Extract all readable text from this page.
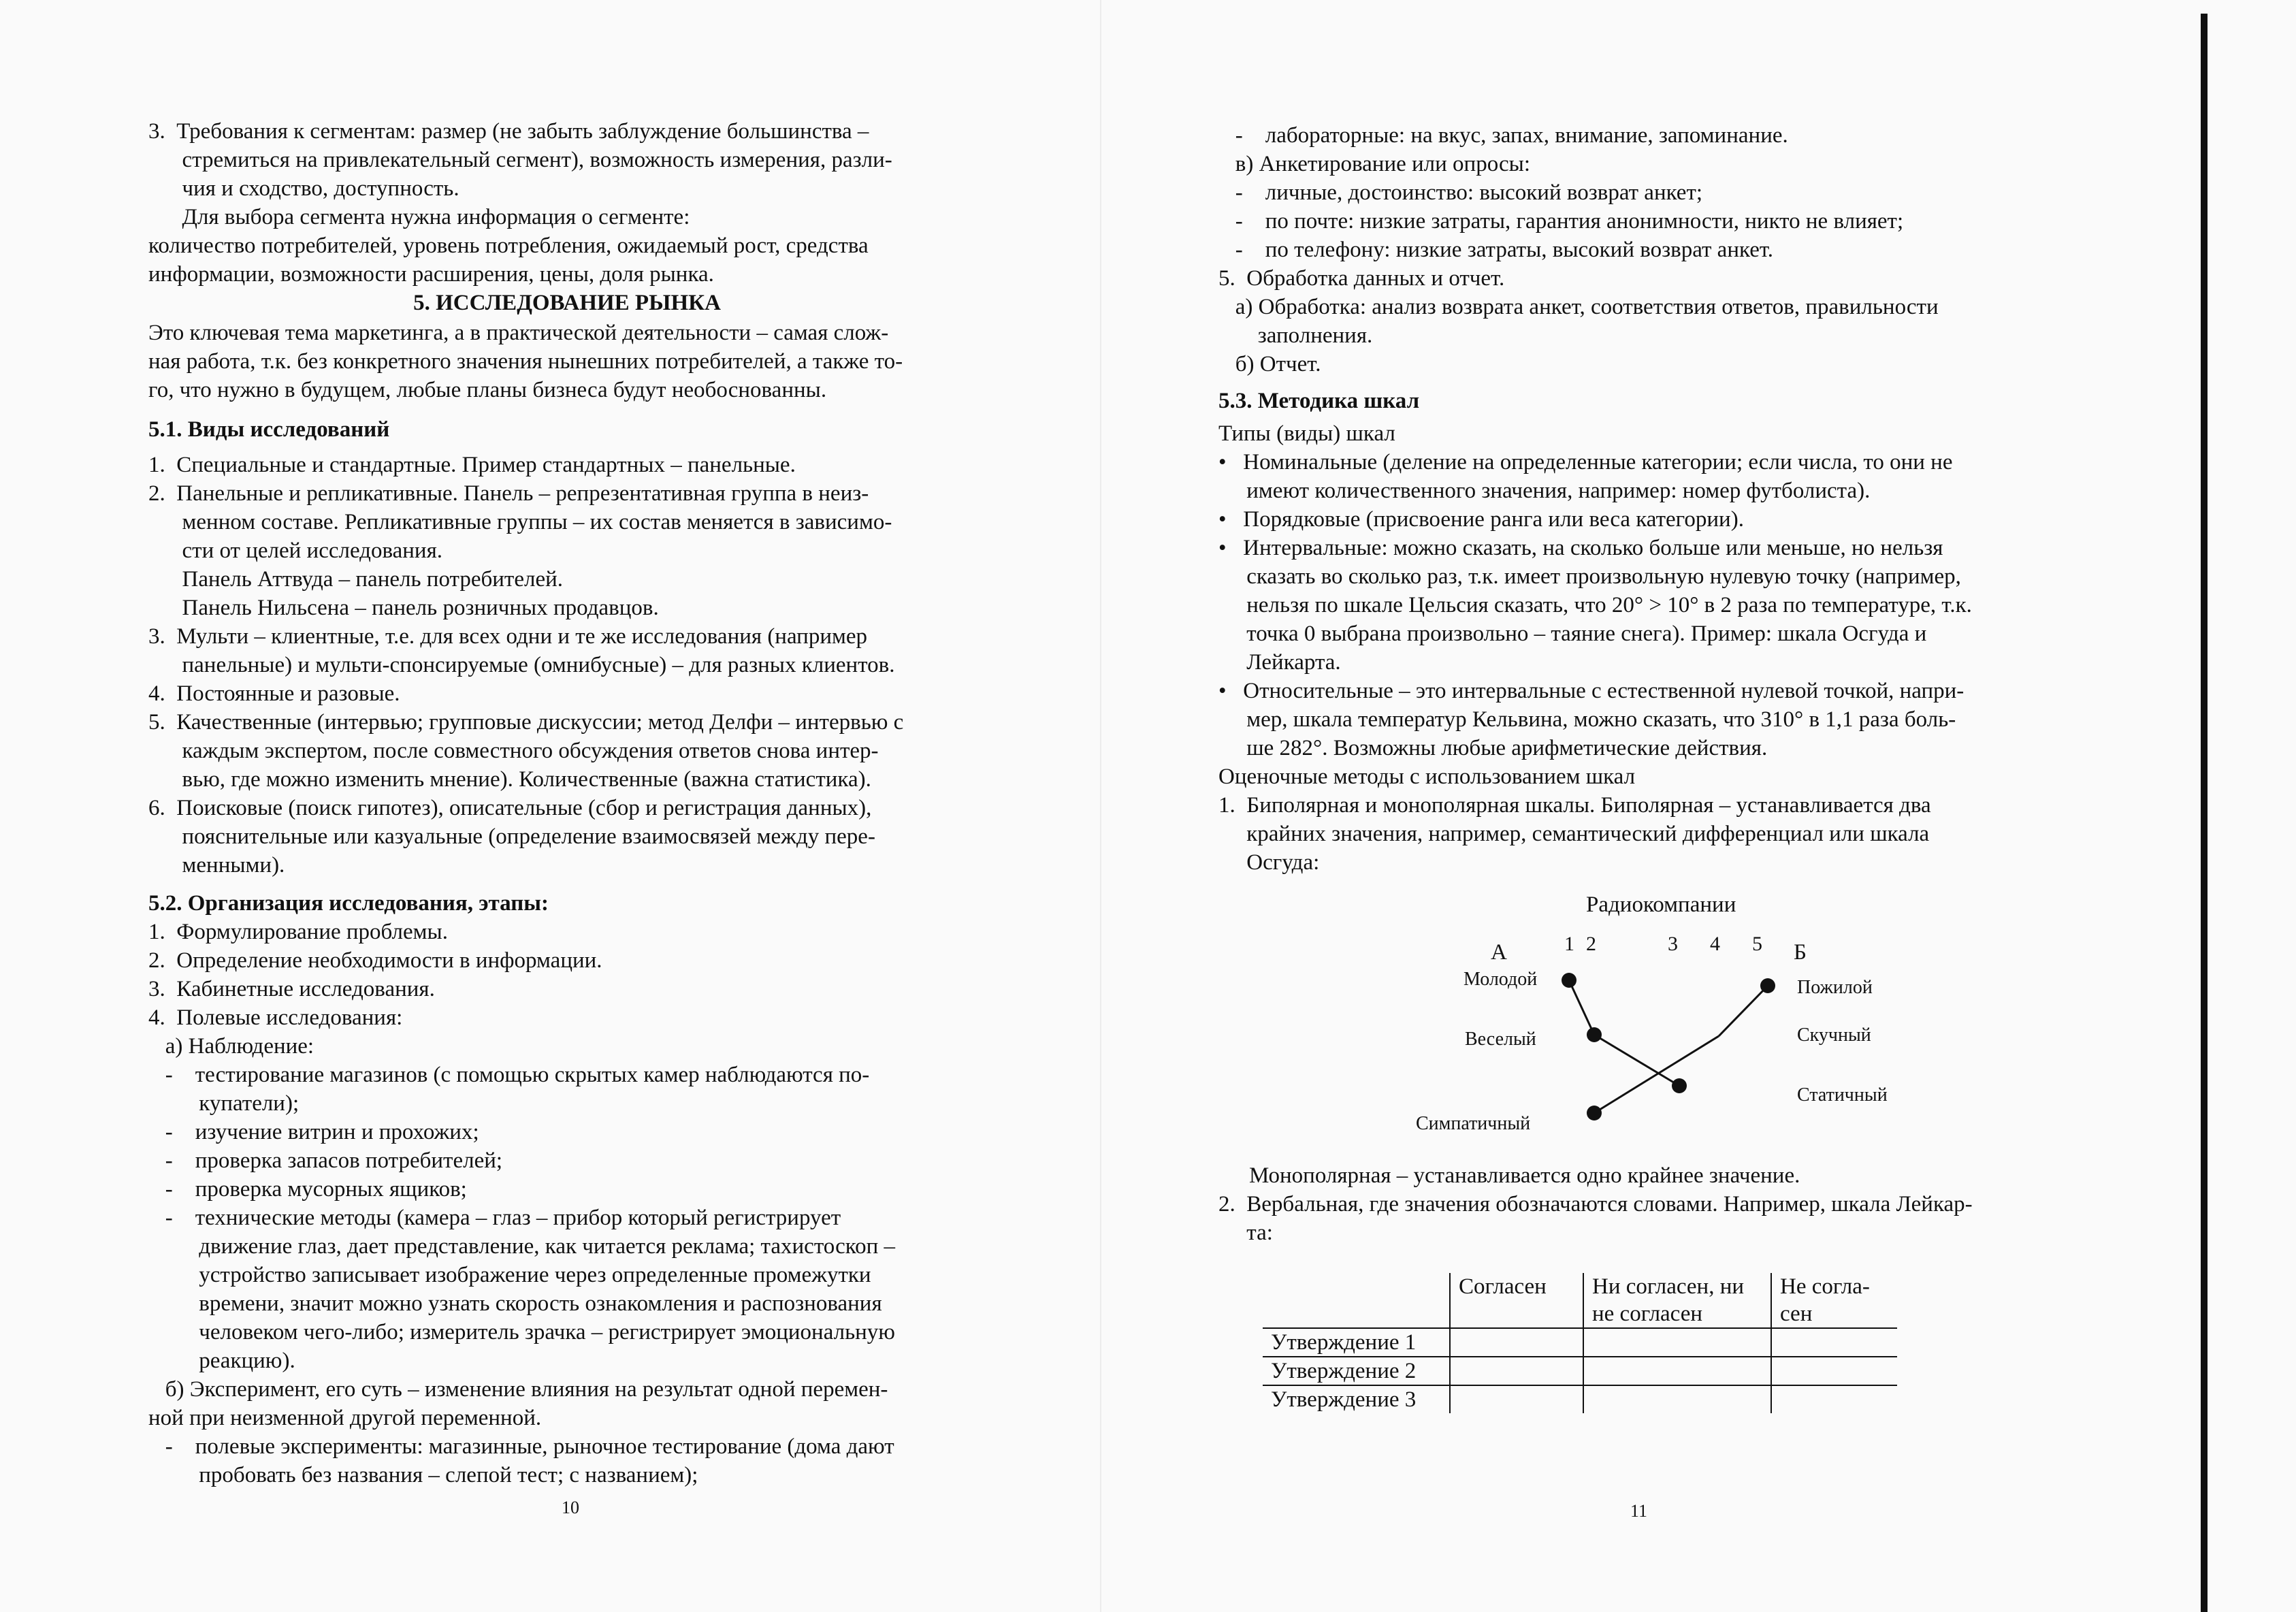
3.  Требования к сегментам: размер (не забыть заблуждение большинства –
стремиться на привлекательный сегмент), возможность измерения, разли-
чия и сходство, доступность.
Для выбора сегмента нужна информация о сегменте:
количество потребителей, уровень потребления, ожидаемый рост, средства
информации, возможности расширения, цены, доля рынка.
5. ИССЛЕДОВАНИЕ РЫНКА
Это ключевая тема маркетинга, а в практической деятельности – самая слож-
ная работа, т.к. без конкретного значения нынешних потребителей, а также то-
го, что нужно в будущем, любые планы бизнеса будут необоснованны.
5.1. Виды исследований
1.  Специальные и стандартные. Пример стандартных – панельные.
2.  Панельные и репликативные. Панель – репрезентативная группа в неиз-
менном составе. Репликативные группы – их состав меняется в зависимо-
сти от целей исследования.
Панель Аттвуда – панель потребителей.
Панель Нильсена – панель розничных продавцов.
3.  Мульти – клиентные, т.е. для всех одни и те же исследования (например
панельные) и мульти-спонсируемые (омнибусные) – для разных клиентов.
4.  Постоянные и разовые.
5.  Качественные (интервью; групповые дискуссии; метод Делфи – интервью с
каждым экспертом, после совместного обсуждения ответов снова интер-
вью, где можно изменить мнение). Количественные (важна статистика).
6.  Поисковые (поиск гипотез), описательные (сбор и регистрация данных),
пояснительные или казуальные (определение взаимосвязей между пере-
менными).
5.2. Организация исследования, этапы:
1.  Формулирование проблемы.
2.  Определение необходимости в информации.
3.  Кабинетные исследования.
4.  Полевые исследования:
а) Наблюдение:
-    тестирование магазинов (с помощью скрытых камер наблюдаются по-
купатели);
-    изучение витрин и прохожих;
-    проверка запасов потребителей;
-    проверка мусорных ящиков;
-    технические методы (камера – глаз – прибор который регистрирует
движение глаз, дает представление, как читается реклама; тахистоскоп –
устройство записывает изображение через определенные промежутки
времени, значит можно узнать скорость ознакомления и распознования
человеком чего-либо; измеритель зрачка – регистрирует эмоциональную
реакцию).
б) Эксперимент, его суть – изменение влияния на результат одной перемен-
ной при неизменной другой переменной.
-    полевые эксперименты: магазинные, рыночное тестирование (дома дают
пробовать без названия – слепой тест; с названием);
10
-    лабораторные: на вкус, запах, внимание, запоминание.
в) Анкетирование или опросы:
-    личные, достоинство: высокий возврат анкет;
-    по почте: низкие затраты, гарантия анонимности, никто не влияет;
-    по телефону: низкие затраты, высокий возврат анкет.
5.  Обработка данных и отчет.
а) Обработка: анализ возврата анкет, соответствия ответов, правильности
заполнения.
б) Отчет.
5.3. Методика шкал
Типы (виды) шкал
•   Номинальные (деление на определенные категории; если числа, то они не
имеют количественного значения, например: номер футболиста).
•   Порядковые (присвоение ранга или веса категории).
•   Интервальные: можно сказать, на сколько больше или меньше, но нельзя
сказать во сколько раз, т.к. имеет произвольную нулевую точку (например,
нельзя по шкале Цельсия сказать, что 20° > 10° в 2 раза по температуре, т.к.
точка 0 выбрана произвольно – таяние снега). Пример: шкала Осгуда и
Лейкарта.
•   Относительные – это интервальные с естественной нулевой точкой, напри-
мер, шкала температур Кельвина, можно сказать, что 310° в 1,1 раза боль-
ше 282°. Возможны любые арифметические действия.
Оценочные методы с использованием шкал
1.  Биполярная и монополярная шкалы. Биполярная – устанавливается два
крайних значения, например, семантический дифференциал или шкала
Осгуда:
Радиокомпании
А	Б
1 2	3 4 5
Молодой
Веселый
Симпатичный
Пожилой
Скучный
Статичный
Монополярная – устанавливается одно крайнее значение.
2.  Вербальная, где значения обозначаются словами. Например, шкала Лейкар-
та:
	Согласен	Ни согласен, ни	Не согла-
		не согласен	сен
Утверждение 1			
Утверждение 2			
Утверждение 3			
11
